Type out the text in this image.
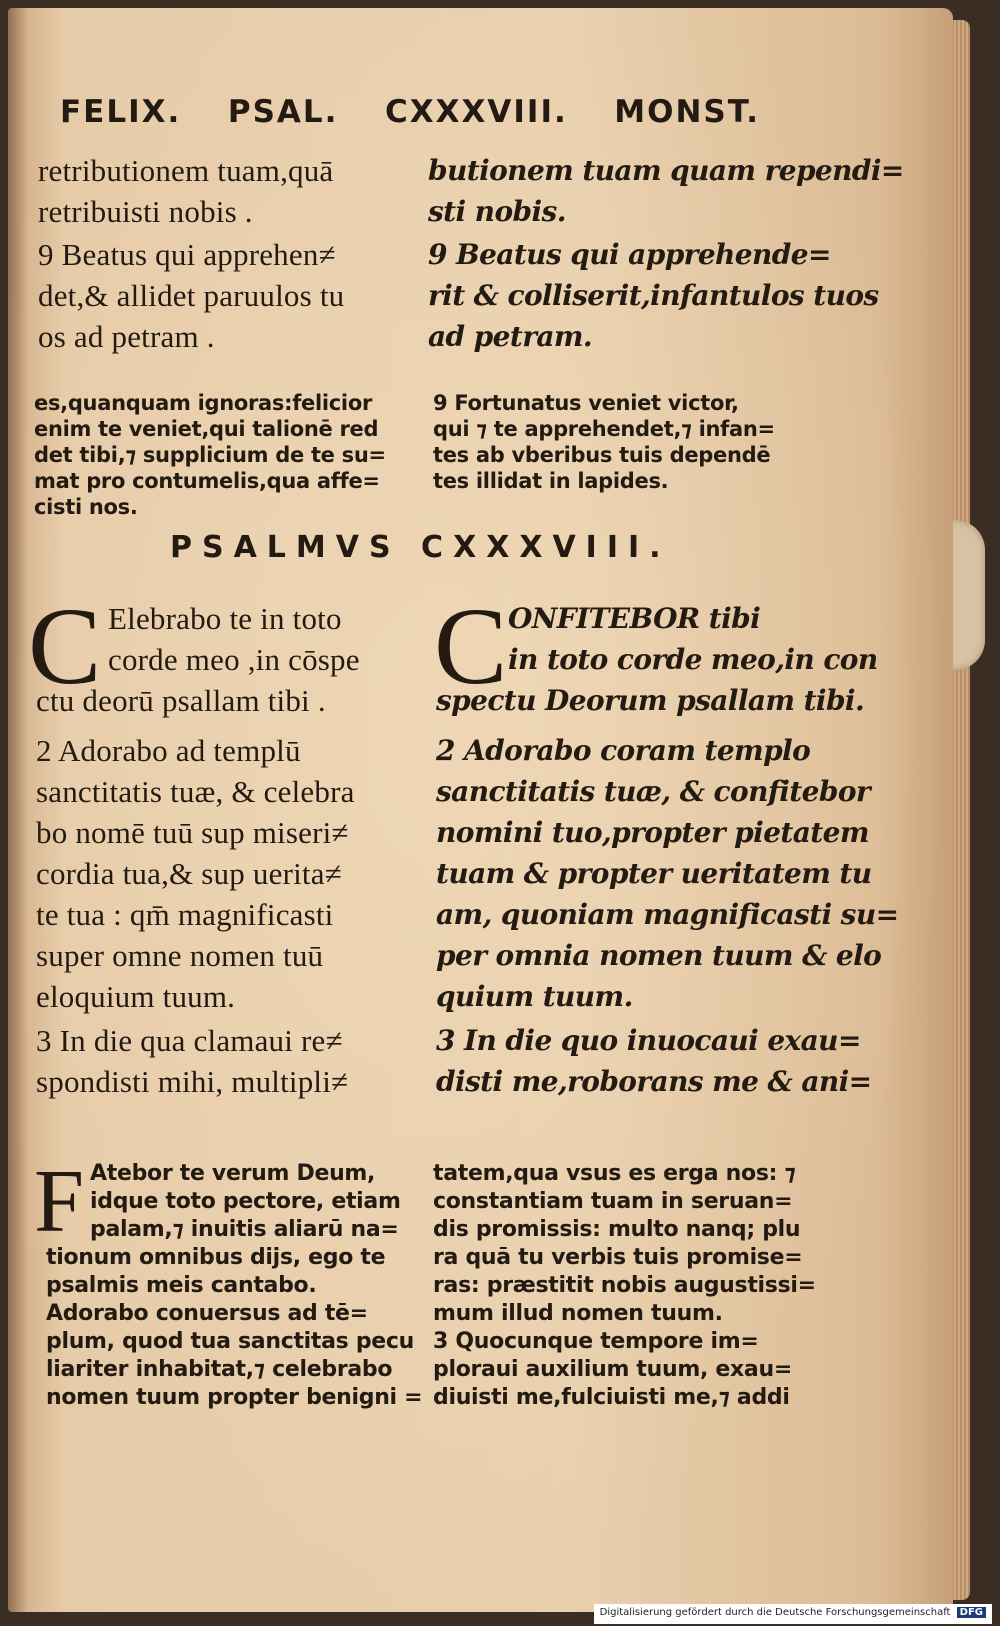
FELIX. PSAL. CXXXVIII. MONST.
retributionem tuam,quā
retribuisti nobis .
butionem tuam quam rependi=
sti nobis.
9 Beatus qui apprehen≠
det,& allidet paruulos tu
os ad petram .
9 Beatus qui apprehende=
rit & colliserit,infantulos tuos
ad petram.
es,quanquam ignoras:felicior
enim te veniet,qui talionē red
det tibi,⁊ supplicium de te su=
mat pro contumelis,qua affe=
cisti nos.
9 Fortunatus veniet victor,
qui ⁊ te apprehendet,⁊ infan=
tes ab vberibus tuis dependē
tes illidat in lapides.
PSALMVS CXXXVIII.
C Elebrabo te in toto
corde meo ,in cōspe
ctu deorū psallam tibi . C ONFITEBOR tibi
in toto corde meo,in con
spectu Deorum psallam tibi.
2 Adorabo ad templū
sanctitatis tuæ, & celebra
bo nomē tuū sup miseri≠
cordia tua,& sup uerita≠
te tua : qm̄ magnificasti
super omne nomen tuū
eloquium tuum.
2 Adorabo coram templo
sanctitatis tuæ, & confitebor
nomini tuo,propter pietatem
tuam & propter ueritatem tu
am, quoniam magnificasti su=
per omnia nomen tuum & elo
quium tuum.
3 In die qua clamaui re≠
spondisti mihi, multipli≠
3 In die quo inuocaui exau=
disti me,roborans me & ani=
F Atebor te verum Deum,
idque toto pectore, etiam
palam,⁊ inuitis aliarū na=
tionum omnibus dijs, ego te
psalmis meis cantabo.
Adorabo conuersus ad tē=
plum, quod tua sanctitas pecu
liariter inhabitat,⁊ celebrabo
nomen tuum propter benigni =
tatem,qua vsus es erga nos: ⁊
constantiam tuam in seruan=
dis promissis: multo nanq; plu
ra quā tu verbis tuis promise=
ras: præstitit nobis augustissi=
mum illud nomen tuum.
3 Quocunque tempore im=
ploraui auxilium tuum, exau=
diuisti me,fulciuisti me,⁊ addi
Digitalisierung gefördert durch die Deutsche Forschungsgemeinschaft DFG
